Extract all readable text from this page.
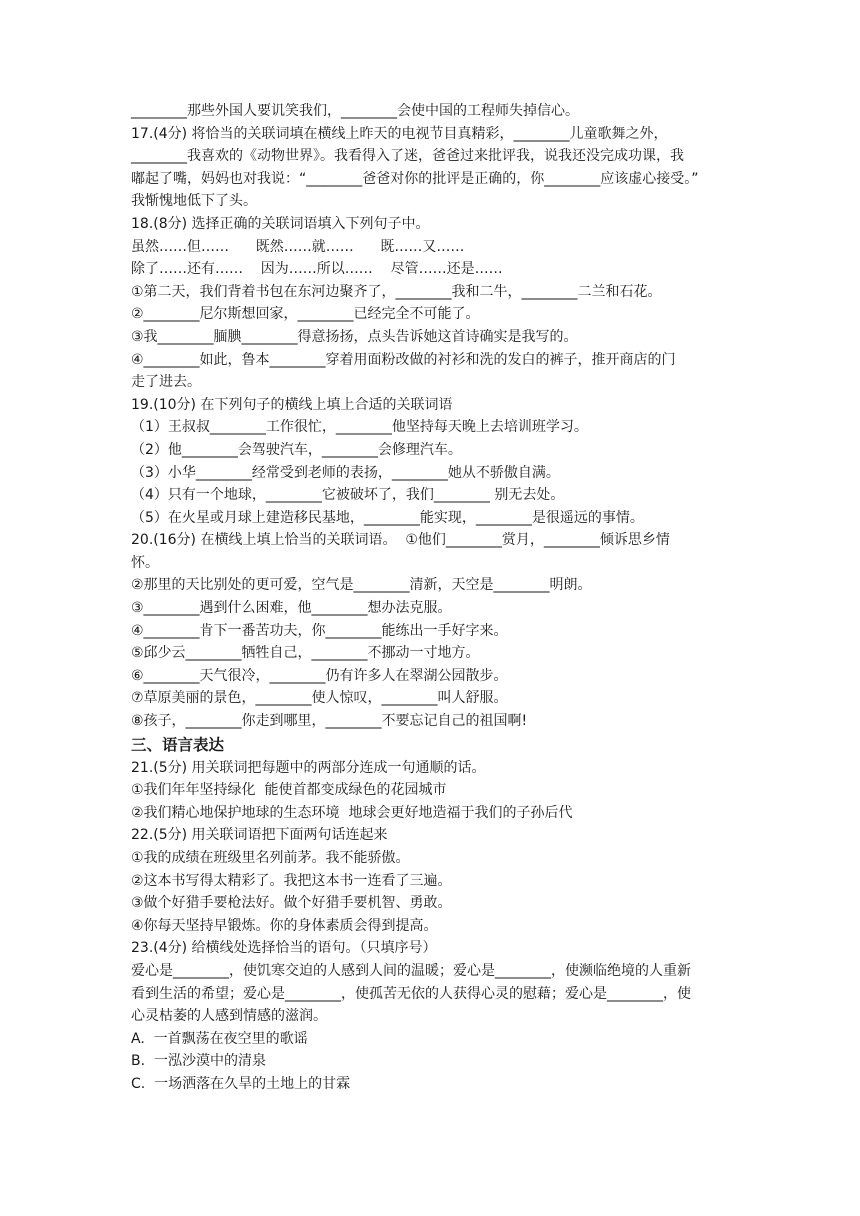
________那些外国人要讥笑我们，________会使中国的工程师失掉信心。
17.(4分) 将恰当的关联词填在横线上昨天的电视节目真精彩，________儿童歌舞之外，
________我喜欢的《动物世界》。我看得入了迷，爸爸过来批评我，说我还没完成功课，我
嘟起了嘴，妈妈也对我说：“________爸爸对你的批评是正确的，你________应该虚心接受。”
我惭愧地低下了头。
18.(8分) 选择正确的关联词语填入下列句子中。
虽然……但……      既然……就……      既……又……
除了……还有……    因为……所以……    尽管……还是……
①第二天，我们背着书包在东河边聚齐了，________我和二牛，________二兰和石花。
②________尼尔斯想回家，________已经完全不可能了。
③我________腼腆________得意扬扬，点头告诉她这首诗确实是我写的。
④________如此，鲁本________穿着用面粉改做的衬衫和洗的发白的裤子，推开商店的门
走了进去。
19.(10分) 在下列句子的横线上填上合适的关联词语
（1）王叔叔________工作很忙，________他坚持每天晚上去培训班学习。
（2）他________会驾驶汽车，________会修理汽车。
（3）小华________经常受到老师的表扬，________她从不骄傲自满。
（4）只有一个地球，________它被破坏了，我们________ 别无去处。
（5）在火星或月球上建造移民基地，________能实现，________是很遥远的事情。
20.(16分) 在横线上填上恰当的关联词语。  ①他们________赏月，________倾诉思乡情
怀。
②那里的天比别处的更可爱，空气是________清新，天空是________明朗。
③________遇到什么困难，他________想办法克服。
④________肯下一番苦功夫，你________能练出一手好字来。
⑤邱少云________牺牲自己，________不挪动一寸地方。
⑥________天气很冷，________仍有许多人在翠湖公园散步。
⑦草原美丽的景色，________使人惊叹，________叫人舒服。
⑧孩子，________你走到哪里，________不要忘记自己的祖国啊!
三、语言表达
21.(5分) 用关联词把每题中的两部分连成一句通顺的话。
①我们年年坚持绿化  能使首都变成绿色的花园城市
②我们精心地保护地球的生态环境  地球会更好地造福于我们的子孙后代
22.(5分) 用关联词语把下面两句话连起来
①我的成绩在班级里名列前茅。我不能骄傲。
②这本书写得太精彩了。我把这本书一连看了三遍。
③做个好猎手要枪法好。做个好猎手要机智、勇敢。
④你每天坚持早锻炼。你的身体素质会得到提高。
23.(4分) 给横线处选择恰当的语句。（只填序号）
爱心是________，使饥寒交迫的人感到人间的温暖；爱心是________，使濒临绝境的人重新
看到生活的希望；爱心是________，使孤苦无依的人获得心灵的慰藉；爱心是________，使
心灵枯萎的人感到情感的滋润。
A.  一首飘荡在夜空里的歌谣
B.  一泓沙漠中的清泉
C.  一场洒落在久旱的土地上的甘霖
